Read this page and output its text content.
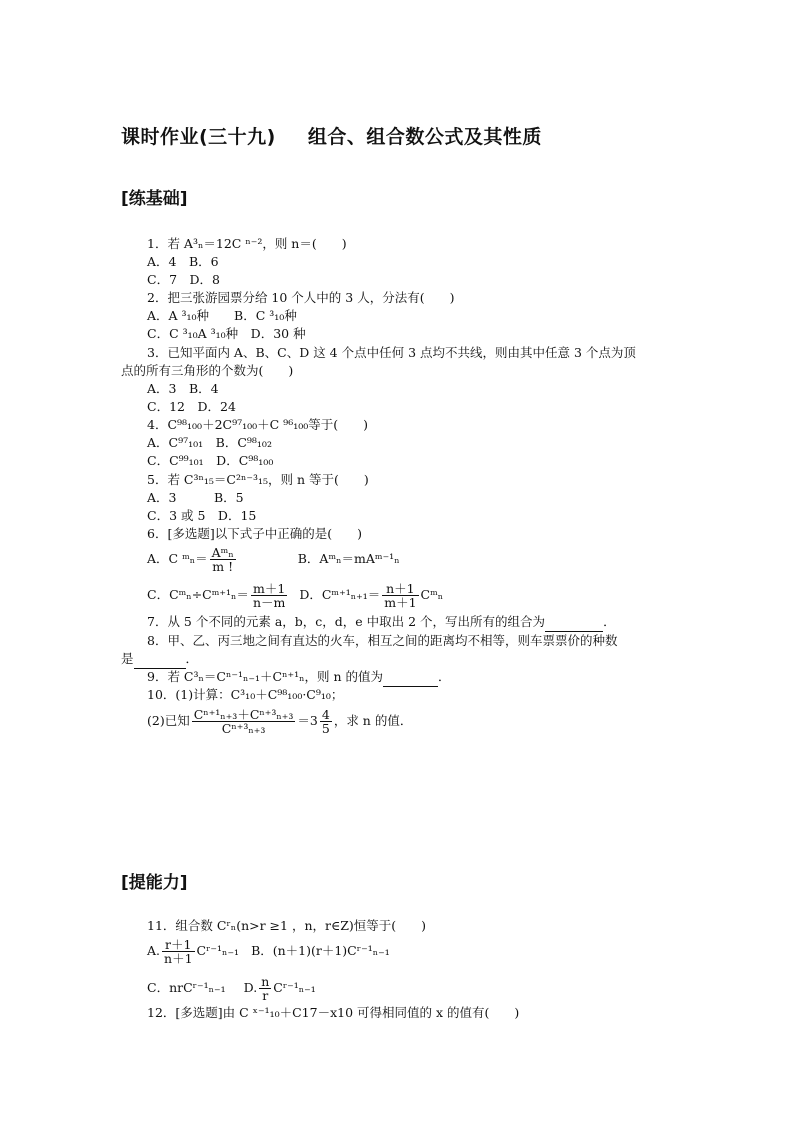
课时作业(三十九) 组合、组合数公式及其性质
[练基础]
1．若 A³ₙ＝12C ⁿ⁻²，则 n＝(　　)
A．4　B．6
C．7　D．8
2．把三张游园票分给 10 个人中的 3 人，分法有(　　)
A．A ³₁₀种　　B．C ³₁₀种
C．C ³₁₀A ³₁₀种　D．30 种
3．已知平面内 A、B、C、D 这 4 个点中任何 3 点均不共线，则由其中任意 3 个点为顶
点的所有三角形的个数为(　　)
A．3　B．4
C．12　D．24
4．C⁹⁸₁₀₀＋2C⁹⁷₁₀₀＋C ⁹⁶₁₀₀等于(　　)
A．C⁹⁷₁₀₁　B．C⁹⁸₁₀₂
C．C⁹⁹₁₀₁　D．C⁹⁸₁₀₀
5．若 C³ⁿ₁₅＝C²ⁿ⁻³₁₅，则 n 等于(　　)
A．3　　　B．5
C．3 或 5　D．15
6．[多选题]以下式子中正确的是(　　)
A．C ᵐₙ＝ $\frac{\text{Aᵐₙ}}{m !}$	B．Aᵐₙ＝mAᵐ⁻¹ₙ
C．Cᵐₙ÷Cᵐ⁺¹ₙ＝ $\frac{m+1}{n-m}$ D．Cᵐ⁺¹ₙ₊₁＝ $\frac{n+1}{m+1}$ Cᵐₙ
7．从 5 个不同的元素 a，b，c，d，e 中取出 2 个，写出所有的组合为	．
8．甲、乙、丙三地之间有直达的火车，相互之间的距离均不相等，则车票票价的种数
是	．
9．若 C³ₙ＝Cⁿ⁻¹ₙ₋₁＋Cⁿ⁺¹ₙ，则 n 的值为	．
10．(1)计算：C³₁₀＋C⁹⁸₁₀₀·C⁹₁₀；
(2)已知 $\frac{\text{Cⁿ⁺¹ₙ₊₃＋Cⁿ⁺³ₙ₊₃}}{\text{Cⁿ⁺³ₙ₊₃}} =3 \frac{4}{5}$ ，求 n 的值．
[提能力]
11．组合数 Cʳₙ(n>r ≥1 ，n，r∈Z)恒等于(　　)
A. $\frac{r+1}{n+1}$ Cʳ⁻¹ₙ₋₁ B．(n＋1)(r＋1)Cʳ⁻¹ₙ₋₁
C．nrCʳ⁻¹ₙ₋₁ D. $\frac{n}{r}$ Cʳ⁻¹ₙ₋₁
12．[多选题]由 C ˣ⁻¹₁₀＋C17－x10 可得相同值的 x 的值有(　　)
